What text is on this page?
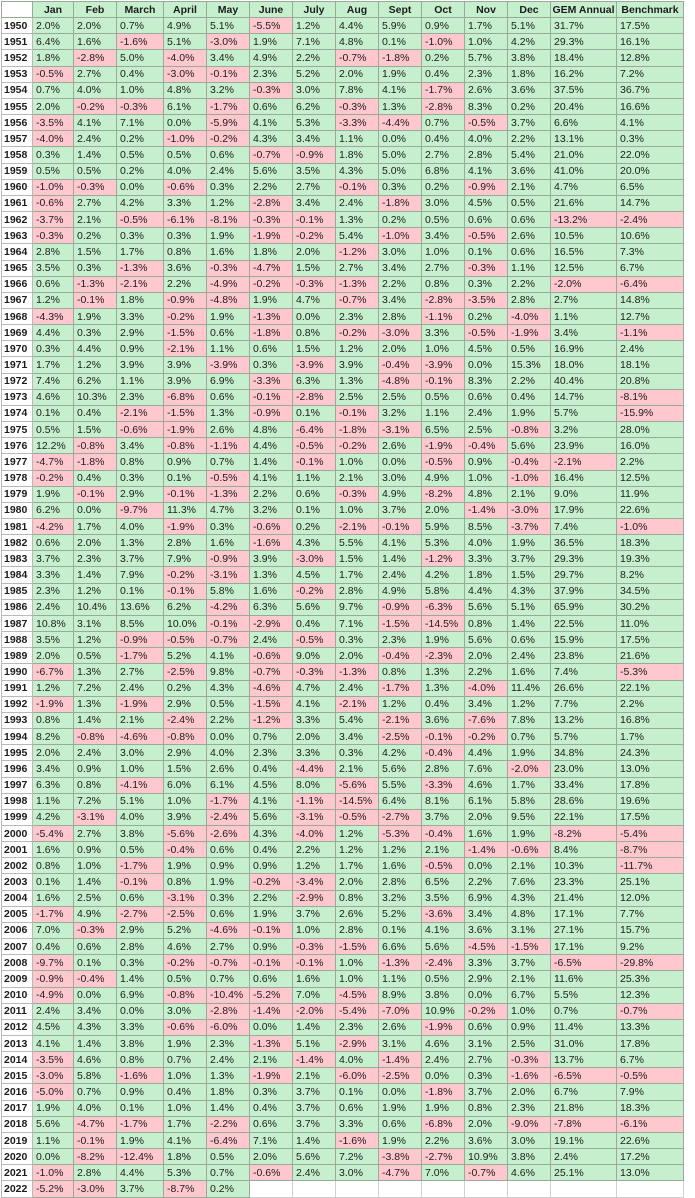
	Jan	Feb	March	April	May	June	July	Aug	Sept	Oct	Nov	Dec	GEM Annual	Benchmark
1950	2.0%	2.0%	0.7%	4.9%	5.1%	-5.5%	1.2%	4.4%	5.9%	0.9%	1.7%	5.1%	31.7%	17.5%
1951	6.4%	1.6%	-1.6%	5.1%	-3.0%	1.9%	7.1%	4.8%	0.1%	-1.0%	1.0%	4.2%	29.3%	16.1%
1952	1.8%	-2.8%	5.0%	-4.0%	3.4%	4.9%	2.2%	-0.7%	-1.8%	0.2%	5.7%	3.8%	18.4%	12.8%
1953	-0.5%	2.7%	0.4%	-3.0%	-0.1%	2.3%	5.2%	2.0%	1.9%	0.4%	2.3%	1.8%	16.2%	7.2%
1954	0.7%	4.0%	1.0%	4.8%	3.2%	-0.3%	3.0%	7.8%	4.1%	-1.7%	2.6%	3.6%	37.5%	36.7%
1955	2.0%	-0.2%	-0.3%	6.1%	-1.7%	0.6%	6.2%	-0.3%	1.3%	-2.8%	8.3%	0.2%	20.4%	16.6%
1956	-3.5%	4.1%	7.1%	0.0%	-5.9%	4.1%	5.3%	-3.3%	-4.4%	0.7%	-0.5%	3.7%	6.6%	4.1%
1957	-4.0%	2.4%	0.2%	-1.0%	-0.2%	4.3%	3.4%	1.1%	0.0%	0.4%	4.0%	2.2%	13.1%	0.3%
1958	0.3%	1.4%	0.5%	0.5%	0.6%	-0.7%	-0.9%	1.8%	5.0%	2.7%	2.8%	5.4%	21.0%	22.0%
1959	0.5%	0.5%	0.2%	4.0%	2.4%	5.6%	3.5%	4.3%	5.0%	6.8%	4.1%	3.6%	41.0%	20.0%
1960	-1.0%	-0.3%	0.0%	-0.6%	0.3%	2.2%	2.7%	-0.1%	0.3%	0.2%	-0.9%	2.1%	4.7%	6.5%
1961	-0.6%	2.7%	4.2%	3.3%	1.2%	-2.8%	3.4%	2.4%	-1.8%	3.0%	4.5%	0.5%	21.6%	14.7%
1962	-3.7%	2.1%	-0.5%	-6.1%	-8.1%	-0.3%	-0.1%	1.3%	0.2%	0.5%	0.6%	0.6%	-13.2%	-2.4%
1963	-0.3%	0.2%	0.3%	0.3%	1.9%	-1.9%	-0.2%	5.4%	-1.0%	3.4%	-0.5%	2.6%	10.5%	10.6%
1964	2.8%	1.5%	1.7%	0.8%	1.6%	1.8%	2.0%	-1.2%	3.0%	1.0%	0.1%	0.6%	16.5%	7.3%
1965	3.5%	0.3%	-1.3%	3.6%	-0.3%	-4.7%	1.5%	2.7%	3.4%	2.7%	-0.3%	1.1%	12.5%	6.7%
1966	0.6%	-1.3%	-2.1%	2.2%	-4.9%	-0.2%	-0.3%	-1.3%	2.2%	0.8%	0.3%	2.2%	-2.0%	-6.4%
1967	1.2%	-0.1%	1.8%	-0.9%	-4.8%	1.9%	4.7%	-0.7%	3.4%	-2.8%	-3.5%	2.8%	2.7%	14.8%
1968	-4.3%	1.9%	3.3%	-0.2%	1.9%	-1.3%	0.0%	2.3%	2.8%	-1.1%	0.2%	-4.0%	1.1%	12.7%
1969	4.4%	0.3%	2.9%	-1.5%	0.6%	-1.8%	0.8%	-0.2%	-3.0%	3.3%	-0.5%	-1.9%	3.4%	-1.1%
1970	0.3%	4.4%	0.9%	-2.1%	1.1%	0.6%	1.5%	1.2%	2.0%	1.0%	4.5%	0.5%	16.9%	2.4%
1971	1.7%	1.2%	3.9%	3.9%	-3.9%	0.3%	-3.9%	3.9%	-0.4%	-3.9%	0.0%	15.3%	18.0%	18.1%
1972	7.4%	6.2%	1.1%	3.9%	6.9%	-3.3%	6.3%	1.3%	-4.8%	-0.1%	8.3%	2.2%	40.4%	20.8%
1973	4.6%	10.3%	2.3%	-6.8%	0.6%	-0.1%	-2.8%	2.5%	2.5%	0.5%	0.6%	0.4%	14.7%	-8.1%
1974	0.1%	0.4%	-2.1%	-1.5%	1.3%	-0.9%	0.1%	-0.1%	3.2%	1.1%	2.4%	1.9%	5.7%	-15.9%
1975	0.5%	1.5%	-0.6%	-1.9%	2.6%	4.8%	-6.4%	-1.8%	-3.1%	6.5%	2.5%	-0.8%	3.2%	28.0%
1976	12.2%	-0.8%	3.4%	-0.8%	-1.1%	4.4%	-0.5%	-0.2%	2.6%	-1.9%	-0.4%	5.6%	23.9%	16.0%
1977	-4.7%	-1.8%	0.8%	0.9%	0.7%	1.4%	-0.1%	1.0%	0.0%	-0.5%	0.9%	-0.4%	-2.1%	2.2%
1978	-0.2%	0.4%	0.3%	0.1%	-0.5%	4.1%	1.1%	2.1%	3.0%	4.9%	1.0%	-1.0%	16.4%	12.5%
1979	1.9%	-0.1%	2.9%	-0.1%	-1.3%	2.2%	0.6%	-0.3%	4.9%	-8.2%	4.8%	2.1%	9.0%	11.9%
1980	6.2%	0.0%	-9.7%	11.3%	4.7%	3.2%	0.1%	1.0%	3.7%	2.0%	-1.4%	-3.0%	17.9%	22.6%
1981	-4.2%	1.7%	4.0%	-1.9%	0.3%	-0.6%	0.2%	-2.1%	-0.1%	5.9%	8.5%	-3.7%	7.4%	-1.0%
1982	0.6%	2.0%	1.3%	2.8%	1.6%	-1.6%	4.3%	5.5%	4.1%	5.3%	4.0%	1.9%	36.5%	18.3%
1983	3.7%	2.3%	3.7%	7.9%	-0.9%	3.9%	-3.0%	1.5%	1.4%	-1.2%	3.3%	3.7%	29.3%	19.3%
1984	3.3%	1.4%	7.9%	-0.2%	-3.1%	1.3%	4.5%	1.7%	2.4%	4.2%	1.8%	1.5%	29.7%	8.2%
1985	2.3%	1.2%	0.1%	-0.1%	5.8%	1.6%	-0.2%	2.8%	4.9%	5.8%	4.4%	4.3%	37.9%	34.5%
1986	2.4%	10.4%	13.6%	6.2%	-4.2%	6.3%	5.6%	9.7%	-0.9%	-6.3%	5.6%	5.1%	65.9%	30.2%
1987	10.8%	3.1%	8.5%	10.0%	-0.1%	-2.9%	0.4%	7.1%	-1.5%	-14.5%	0.8%	1.4%	22.5%	11.0%
1988	3.5%	1.2%	-0.9%	-0.5%	-0.7%	2.4%	-0.5%	0.3%	2.3%	1.9%	5.6%	0.6%	15.9%	17.5%
1989	2.0%	0.5%	-1.7%	5.2%	4.1%	-0.6%	9.0%	2.0%	-0.4%	-2.3%	2.0%	2.4%	23.8%	21.6%
1990	-6.7%	1.3%	2.7%	-2.5%	9.8%	-0.7%	-0.3%	-1.3%	0.8%	1.3%	2.2%	1.6%	7.4%	-5.3%
1991	1.2%	7.2%	2.4%	0.2%	4.3%	-4.6%	4.7%	2.4%	-1.7%	1.3%	-4.0%	11.4%	26.6%	22.1%
1992	-1.9%	1.3%	-1.9%	2.9%	0.5%	-1.5%	4.1%	-2.1%	1.2%	0.4%	3.4%	1.2%	7.7%	2.2%
1993	0.8%	1.4%	2.1%	-2.4%	2.2%	-1.2%	3.3%	5.4%	-2.1%	3.6%	-7.6%	7.8%	13.2%	16.8%
1994	8.2%	-0.8%	-4.6%	-0.8%	0.0%	0.7%	2.0%	3.4%	-2.5%	-0.1%	-0.2%	0.7%	5.7%	1.7%
1995	2.0%	2.4%	3.0%	2.9%	4.0%	2.3%	3.3%	0.3%	4.2%	-0.4%	4.4%	1.9%	34.8%	24.3%
1996	3.4%	0.9%	1.0%	1.5%	2.6%	0.4%	-4.4%	2.1%	5.6%	2.8%	7.6%	-2.0%	23.0%	13.0%
1997	6.3%	0.8%	-4.1%	6.0%	6.1%	4.5%	8.0%	-5.6%	5.5%	-3.3%	4.6%	1.7%	33.4%	17.8%
1998	1.1%	7.2%	5.1%	1.0%	-1.7%	4.1%	-1.1%	-14.5%	6.4%	8.1%	6.1%	5.8%	28.6%	19.6%
1999	4.2%	-3.1%	4.0%	3.9%	-2.4%	5.6%	-3.1%	-0.5%	-2.7%	3.7%	2.0%	9.5%	22.1%	17.5%
2000	-5.4%	2.7%	3.8%	-5.6%	-2.6%	4.3%	-4.0%	1.2%	-5.3%	-0.4%	1.6%	1.9%	-8.2%	-5.4%
2001	1.6%	0.9%	0.5%	-0.4%	0.6%	0.4%	2.2%	1.2%	1.2%	2.1%	-1.4%	-0.6%	8.4%	-8.7%
2002	0.8%	1.0%	-1.7%	1.9%	0.9%	0.9%	1.2%	1.7%	1.6%	-0.5%	0.0%	2.1%	10.3%	-11.7%
2003	0.1%	1.4%	-0.1%	0.8%	1.9%	-0.2%	-3.4%	2.0%	2.8%	6.5%	2.2%	7.6%	23.3%	25.1%
2004	1.6%	2.5%	0.6%	-3.1%	0.3%	2.2%	-2.9%	0.8%	3.2%	3.5%	6.9%	4.3%	21.4%	12.0%
2005	-1.7%	4.9%	-2.7%	-2.5%	0.6%	1.9%	3.7%	2.6%	5.2%	-3.6%	3.4%	4.8%	17.1%	7.7%
2006	7.0%	-0.3%	2.9%	5.2%	-4.6%	-0.1%	1.0%	2.8%	0.1%	4.1%	3.6%	3.1%	27.1%	15.7%
2007	0.4%	0.6%	2.8%	4.6%	2.7%	0.9%	-0.3%	-1.5%	6.6%	5.6%	-4.5%	-1.5%	17.1%	9.2%
2008	-9.7%	0.1%	0.3%	-0.2%	-0.7%	-0.1%	-0.1%	1.0%	-1.3%	-2.4%	3.3%	3.7%	-6.5%	-29.8%
2009	-0.9%	-0.4%	1.4%	0.5%	0.7%	0.6%	1.6%	1.0%	1.1%	0.5%	2.9%	2.1%	11.6%	25.3%
2010	-4.9%	0.0%	6.9%	-0.8%	-10.4%	-5.2%	7.0%	-4.5%	8.9%	3.8%	0.0%	6.7%	5.5%	12.3%
2011	2.4%	3.4%	0.0%	3.0%	-2.8%	-1.4%	-2.0%	-5.4%	-7.0%	10.9%	-0.2%	1.0%	0.7%	-0.7%
2012	4.5%	4.3%	3.3%	-0.6%	-6.0%	0.0%	1.4%	2.3%	2.6%	-1.9%	0.6%	0.9%	11.4%	13.3%
2013	4.1%	1.4%	3.8%	1.9%	2.3%	-1.3%	5.1%	-2.9%	3.1%	4.6%	3.1%	2.5%	31.0%	17.8%
2014	-3.5%	4.6%	0.8%	0.7%	2.4%	2.1%	-1.4%	4.0%	-1.4%	2.4%	2.7%	-0.3%	13.7%	6.7%
2015	-3.0%	5.8%	-1.6%	1.0%	1.3%	-1.9%	2.1%	-6.0%	-2.5%	0.0%	0.3%	-1.6%	-6.5%	-0.5%
2016	-5.0%	0.7%	0.9%	0.4%	1.8%	0.3%	3.7%	0.1%	0.0%	-1.8%	3.7%	2.0%	6.7%	7.9%
2017	1.9%	4.0%	0.1%	1.0%	1.4%	0.4%	3.7%	0.6%	1.9%	1.9%	0.8%	2.3%	21.8%	18.3%
2018	5.6%	-4.7%	-1.7%	1.7%	-2.2%	0.6%	3.7%	3.3%	0.6%	-6.8%	2.0%	-9.0%	-7.8%	-6.1%
2019	1.1%	-0.1%	1.9%	4.1%	-6.4%	7.1%	1.4%	-1.6%	1.9%	2.2%	3.6%	3.0%	19.1%	22.6%
2020	0.0%	-8.2%	-12.4%	1.8%	0.5%	2.0%	5.6%	7.2%	-3.8%	-2.7%	10.9%	3.8%	2.4%	17.2%
2021	-1.0%	2.8%	4.4%	5.3%	0.7%	-0.6%	2.4%	3.0%	-4.7%	7.0%	-0.7%	4.6%	25.1%	13.0%
2022	-5.2%	-3.0%	3.7%	-8.7%	0.2%									
